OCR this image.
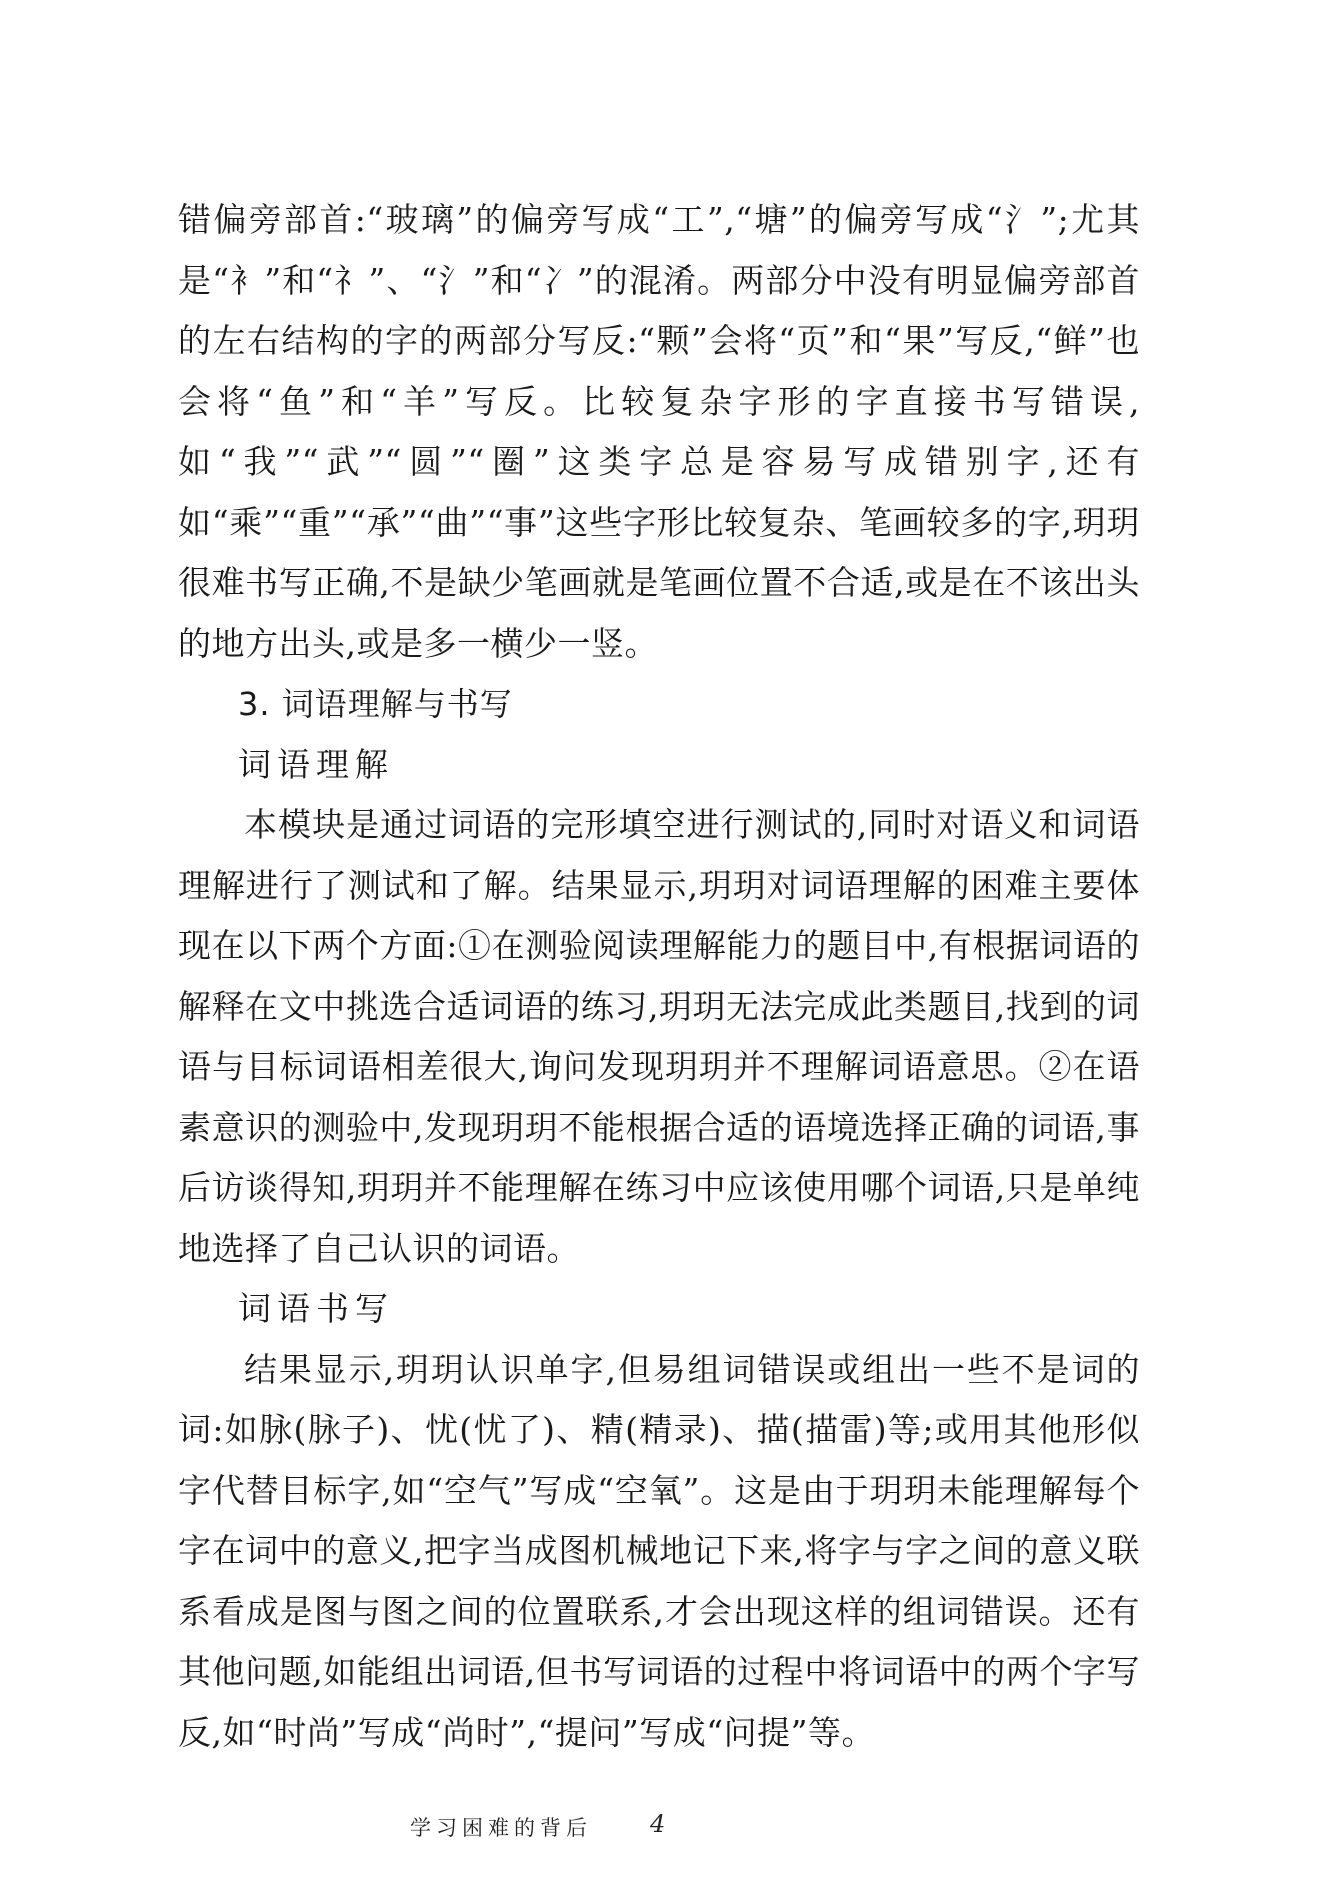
错偏旁部首:“玻璃”的偏旁写成“工”,“塘”的偏旁写成“氵”;尤其是“衤”和“礻”、“氵”和“冫”的混淆。两部分中没有明显偏旁部首的左右结构的字的两部分写反:“颗”会将“页”和“果”写反,“鲜”也会将“鱼”和“羊”写反。比较复杂字形的字直接书写错误,如“我”“武”“圆”“圈”这类字总是容易写成错别字,还有如“乘”“重”“承”“曲”“事”这些字形比较复杂、笔画较多的字,玥玥很难书写正确,不是缺少笔画就是笔画位置不合适,或是在不该出头的地方出头,或是多一横少一竖。

3. 词语理解与书写

词语理解

本模块是通过词语的完形填空进行测试的,同时对语义和词语理解进行了测试和了解。结果显示,玥玥对词语理解的困难主要体现在以下两个方面:①在测验阅读理解能力的题目中,有根据词语的解释在文中挑选合适词语的练习,玥玥无法完成此类题目,找到的词语与目标词语相差很大,询问发现玥玥并不理解词语意思。②在语素意识的测验中,发现玥玥不能根据合适的语境选择正确的词语,事后访谈得知,玥玥并不能理解在练习中应该使用哪个词语,只是单纯地选择了自己认识的词语。

词语书写

结果显示,玥玥认识单字,但易组词错误或组出一些不是词的词:如脉(脉子)、忧(忧了)、精(精录)、描(描雷)等;或用其他形似字代替目标字,如“空气”写成“空氧”。这是由于玥玥未能理解每个字在词中的意义,把字当成图机械地记下来,将字与字之间的意义联系看成是图与图之间的位置联系,才会出现这样的组词错误。还有其他问题,如能组出词语,但书写词语的过程中将词语中的两个字写反,如“时尚”写成“尚时”,“提问”写成“问提”等。

学习困难的背后 4
